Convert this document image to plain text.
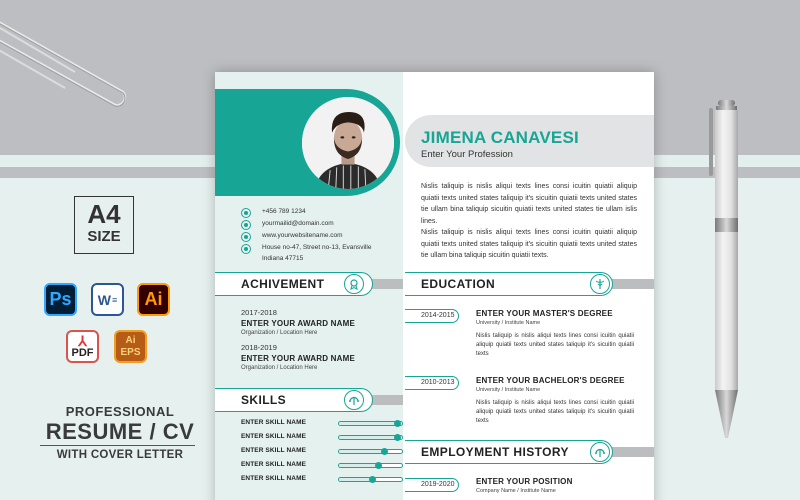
A4
SIZE
Ps	W ≡	Ai
⅄
PDF
Ai EPS
PROFESSIONAL
RESUME / CV
WITH COVER LETTER
JIMENA CANAVESI
Enter Your Profession
Nislis taliquip is nislis aliqui texts lines consi icuitin quiatii aliquip quiatii texts united states taliquip it's sicuitin quiatii texts united states tie ullam bina taliquip sicuitin quiatii texts united states tie ullam islis lines.
Nislis taliquip is nislis aliqui texts lines consi icuitin quiatii aliquip quiatii texts united states taliquip it's sicuitin quiatii texts united states tie ullam bina taliquip sicuitin quiatii texts.
+456 789 1234
yourmailid@domain.com
www.yourwebsitename.com
House no-47, Street no-13, Evansville
Indiana 47715
ACHIVEMENT
2017-2018
ENTER YOUR AWARD NAME
Organization / Location Here
2018-2019
ENTER YOUR AWARD NAME
Organization / Location Here
SKILLS
ENTER SKILL NAME
ENTER SKILL NAME
ENTER SKILL NAME
ENTER SKILL NAME
ENTER SKILL NAME
EDUCATION
2014-2015	ENTER YOUR MASTER'S DEGREE
University / Institute Name
Nislis taliquip is nislis aliqui texts lines consi icuitin quiatii aliquip quiatii texts united states taliquip it's sicuitin quiatii texts
2010-2013	ENTER YOUR BACHELOR'S DEGREE
University / Institute Name
Nislis taliquip is nislis aliqui texts lines consi icuitin quiatii aliquip quiatii texts united states taliquip it's sicuitin quiatii texts
EMPLOYMENT HISTORY
2019-2020	ENTER YOUR POSITION
Company Name / Institute Name
